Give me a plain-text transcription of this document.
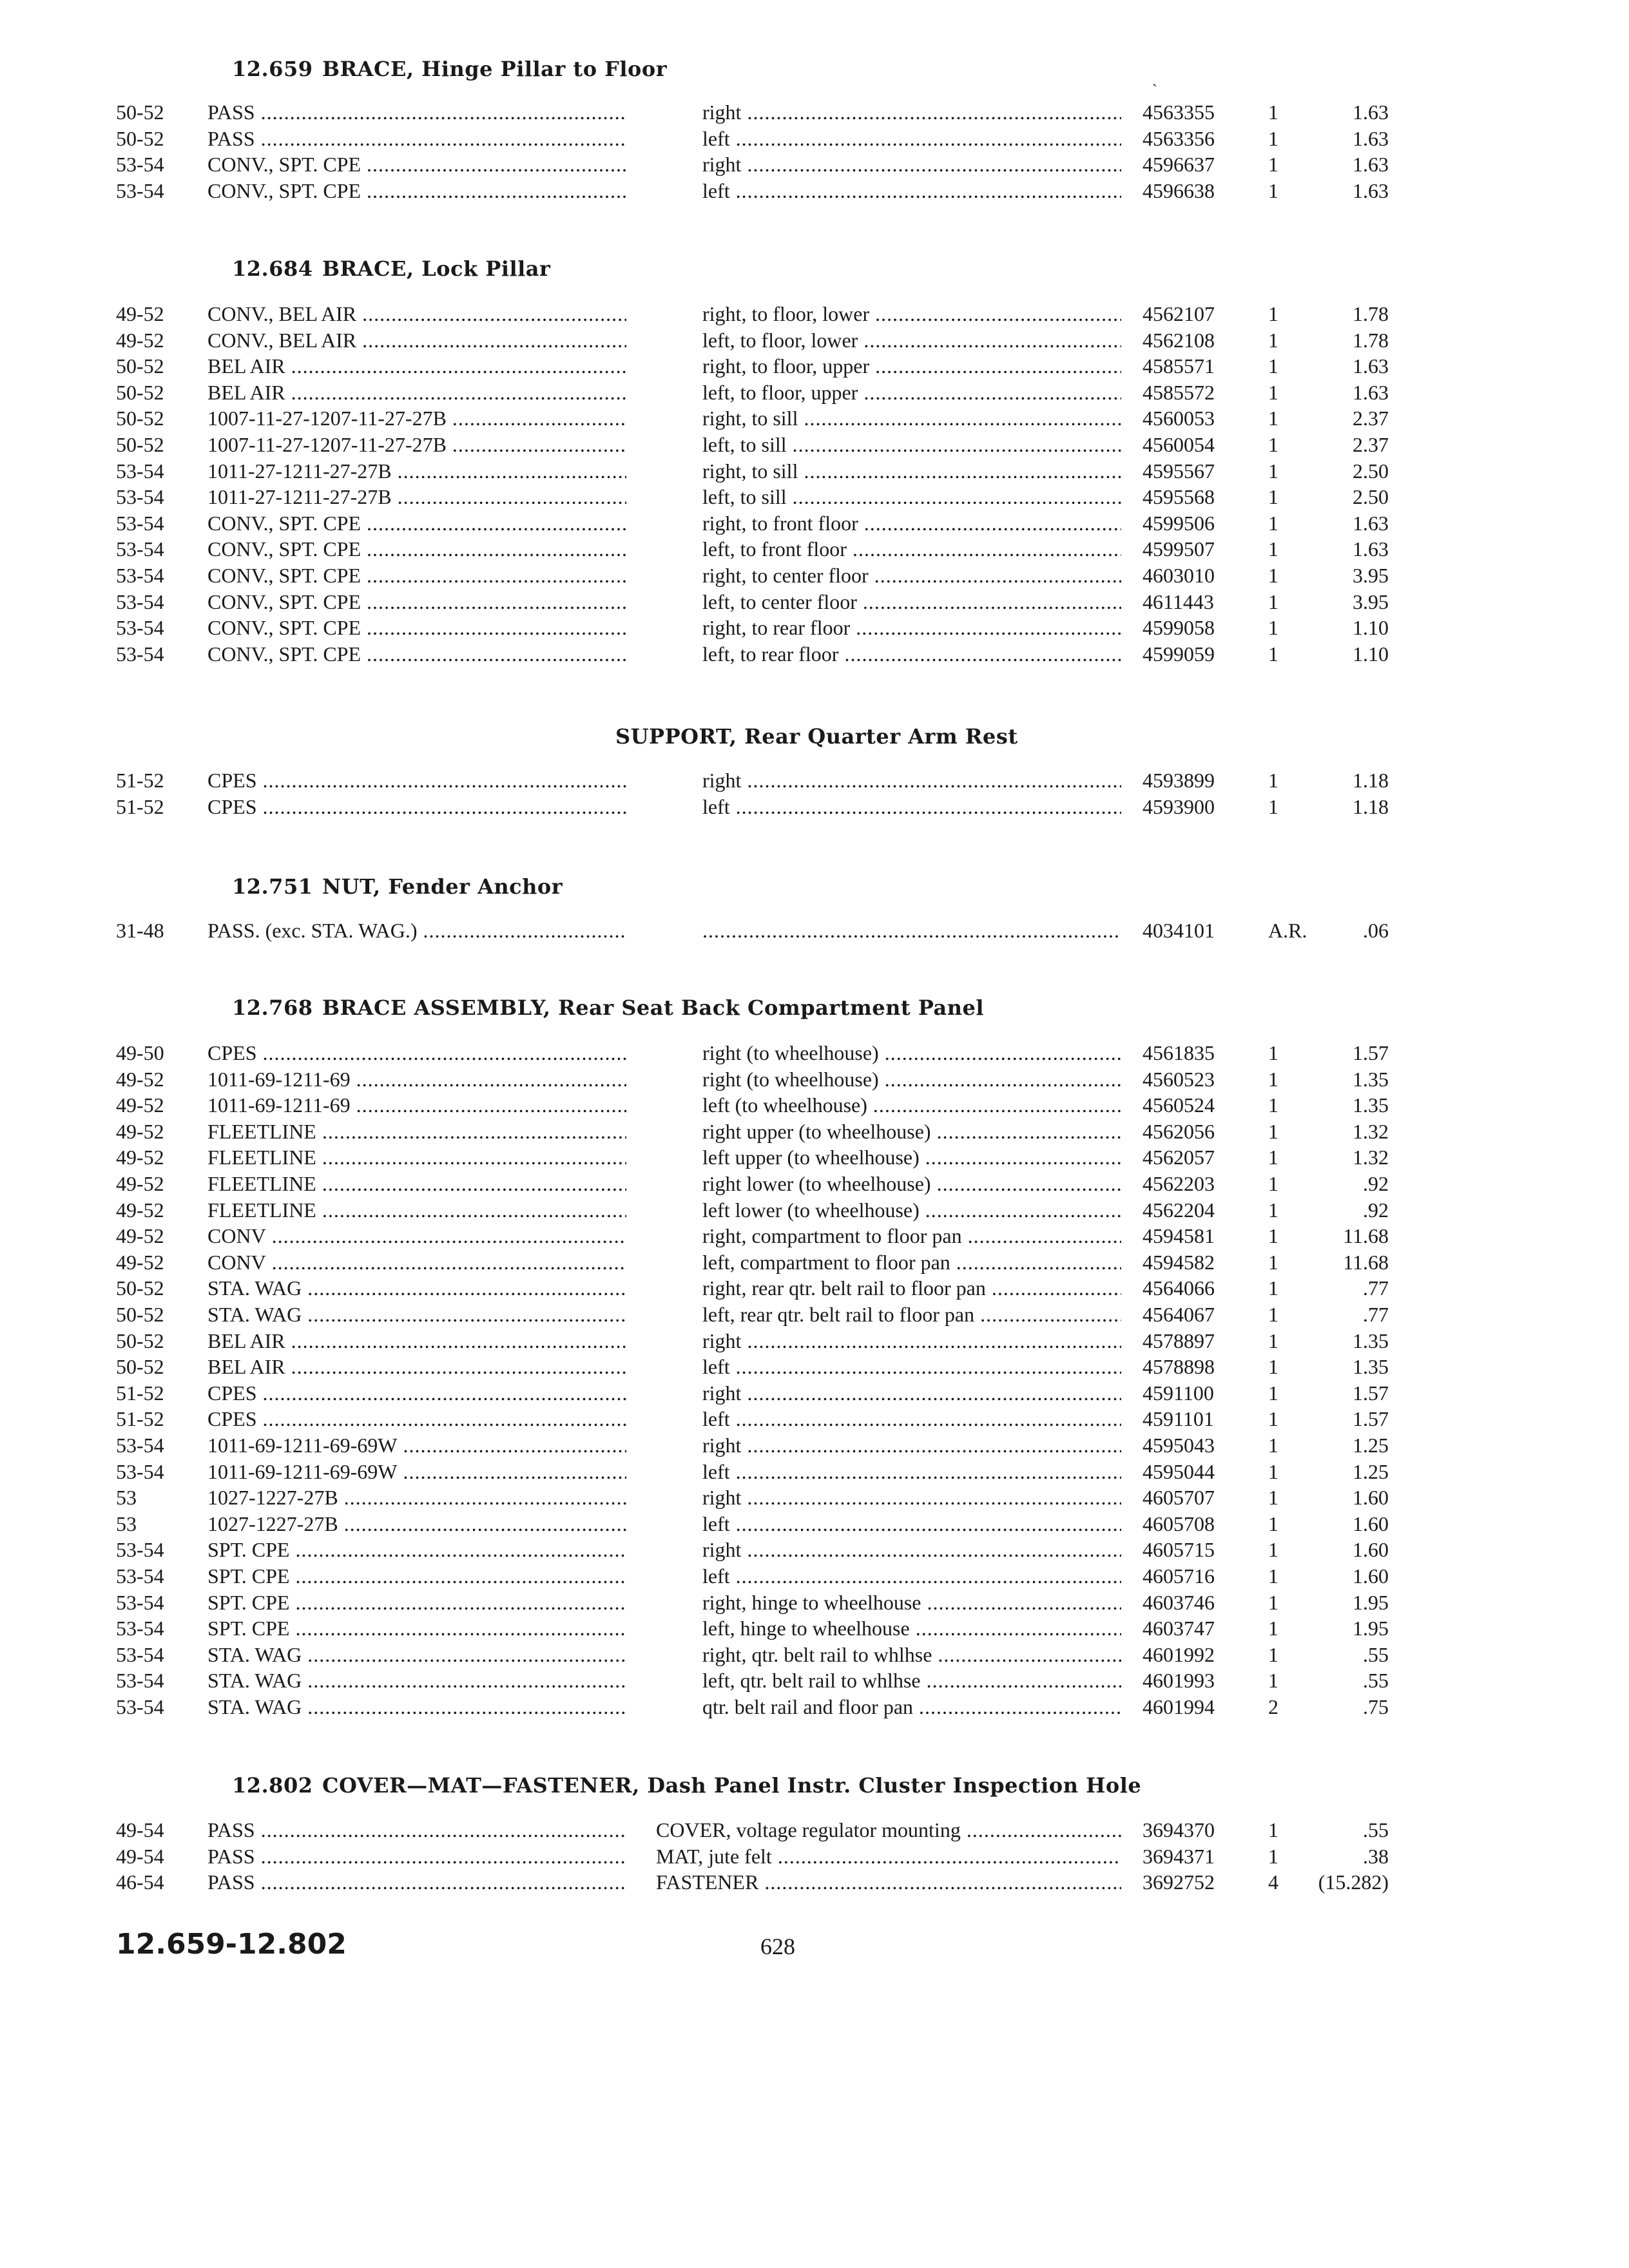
`
12.659-12.802	628
12.659 BRACE, Hinge Pillar to Floor
50-52 PASS .....	right .....	4563355	1	1.63
50-52 PASS .....	left .....	4563356	1	1.63
53-54 CONV., SPT. CPE .....	right .....	4596637	1	1.63
53-54 CONV., SPT. CPE .....	left .....	4596638	1	1.63
12.684 BRACE, Lock Pillar
49-52 CONV., BEL AIR .....	right, to floor, lower .....	4562107	1	1.78
49-52 CONV., BEL AIR .....	left, to floor, lower .....	4562108	1	1.78
50-52 BEL AIR .....	right, to floor, upper .....	4585571	1	1.63
50-52 BEL AIR .....	left, to floor, upper .....	4585572	1	1.63
50-52 1007-11-27-1207-11-27-27B .....	right, to sill .....	4560053	1	2.37
50-52 1007-11-27-1207-11-27-27B .....	left, to sill .....	4560054	1	2.37
53-54 1011-27-1211-27-27B .....	right, to sill .....	4595567	1	2.50
53-54 1011-27-1211-27-27B .....	left, to sill .....	4595568	1	2.50
53-54 CONV., SPT. CPE .....	right, to front floor .....	4599506	1	1.63
53-54 CONV., SPT. CPE .....	left, to front floor .....	4599507	1	1.63
53-54 CONV., SPT. CPE .....	right, to center floor .....	4603010	1	3.95
53-54 CONV., SPT. CPE .....	left, to center floor .....	4611443	1	3.95
53-54 CONV., SPT. CPE .....	right, to rear floor .....	4599058	1	1.10
53-54 CONV., SPT. CPE .....	left, to rear floor .....	4599059	1	1.10
SUPPORT, Rear Quarter Arm Rest
51-52 CPES .....	right .....	4593899	1	1.18
51-52 CPES .....	left .....	4593900	1	1.18
12.751 NUT, Fender Anchor
31-48 PASS. (exc. STA. WAG.) .....
.....	4034101	A.R.	.06
12.768 BRACE ASSEMBLY, Rear Seat Back Compartment Panel
49-50 CPES .....	right (to wheelhouse) .....	4561835	1	1.57
49-52 1011-69-1211-69 .....	right (to wheelhouse) .....	4560523	1	1.35
49-52 1011-69-1211-69 .....	left (to wheelhouse) .....	4560524	1	1.35
49-52 FLEETLINE .....	right upper (to wheelhouse) .....	4562056	1	1.32
49-52 FLEETLINE .....	left upper (to wheelhouse) .....	4562057	1	1.32
49-52 FLEETLINE .....	right lower (to wheelhouse) .....	4562203	1	.92
49-52 FLEETLINE .....	left lower (to wheelhouse) .....	4562204	1	.92
49-52 CONV .....	right, compartment to floor pan .....	4594581	1	11.68
49-52 CONV .....	left, compartment to floor pan .....	4594582	1	11.68
50-52 STA. WAG .....	right, rear qtr. belt rail to floor pan .....	4564066	1	.77
50-52 STA. WAG .....	left, rear qtr. belt rail to floor pan .....	4564067	1	.77
50-52 BEL AIR .....	right .....	4578897	1	1.35
50-52 BEL AIR .....	left .....	4578898	1	1.35
51-52 CPES .....	right .....	4591100	1	1.57
51-52 CPES .....	left .....	4591101	1	1.57
53-54 1011-69-1211-69-69W .....	right .....	4595043	1	1.25
53-54 1011-69-1211-69-69W .....	left .....	4595044	1	1.25
53	1027-1227-27B .....	right .....	4605707	1	1.60
53	1027-1227-27B .....	left .....	4605708	1	1.60
53-54 SPT. CPE .....	right .....	4605715	1	1.60
53-54 SPT. CPE .....	left .....	4605716	1	1.60
53-54 SPT. CPE .....	right, hinge to wheelhouse .....	4603746	1	1.95
53-54 SPT. CPE .....	left, hinge to wheelhouse .....	4603747	1	1.95
53-54 STA. WAG .....	right, qtr. belt rail to whlhse .....	4601992	1	.55
53-54 STA. WAG .....	left, qtr. belt rail to whlhse .....	4601993	1	.55
53-54 STA. WAG .....	qtr. belt rail and floor pan .....	4601994	2	.75
12.802 COVER—MAT—FASTENER, Dash Panel Instr. Cluster Inspection Hole
49-54 PASS .....	COVER, voltage regulator mounting .....	3694370	1	.55
49-54 PASS .....	MAT, jute felt .....	3694371	1	.38
46-54 PASS .....	FASTENER .....	3692752	4 (15.282)
